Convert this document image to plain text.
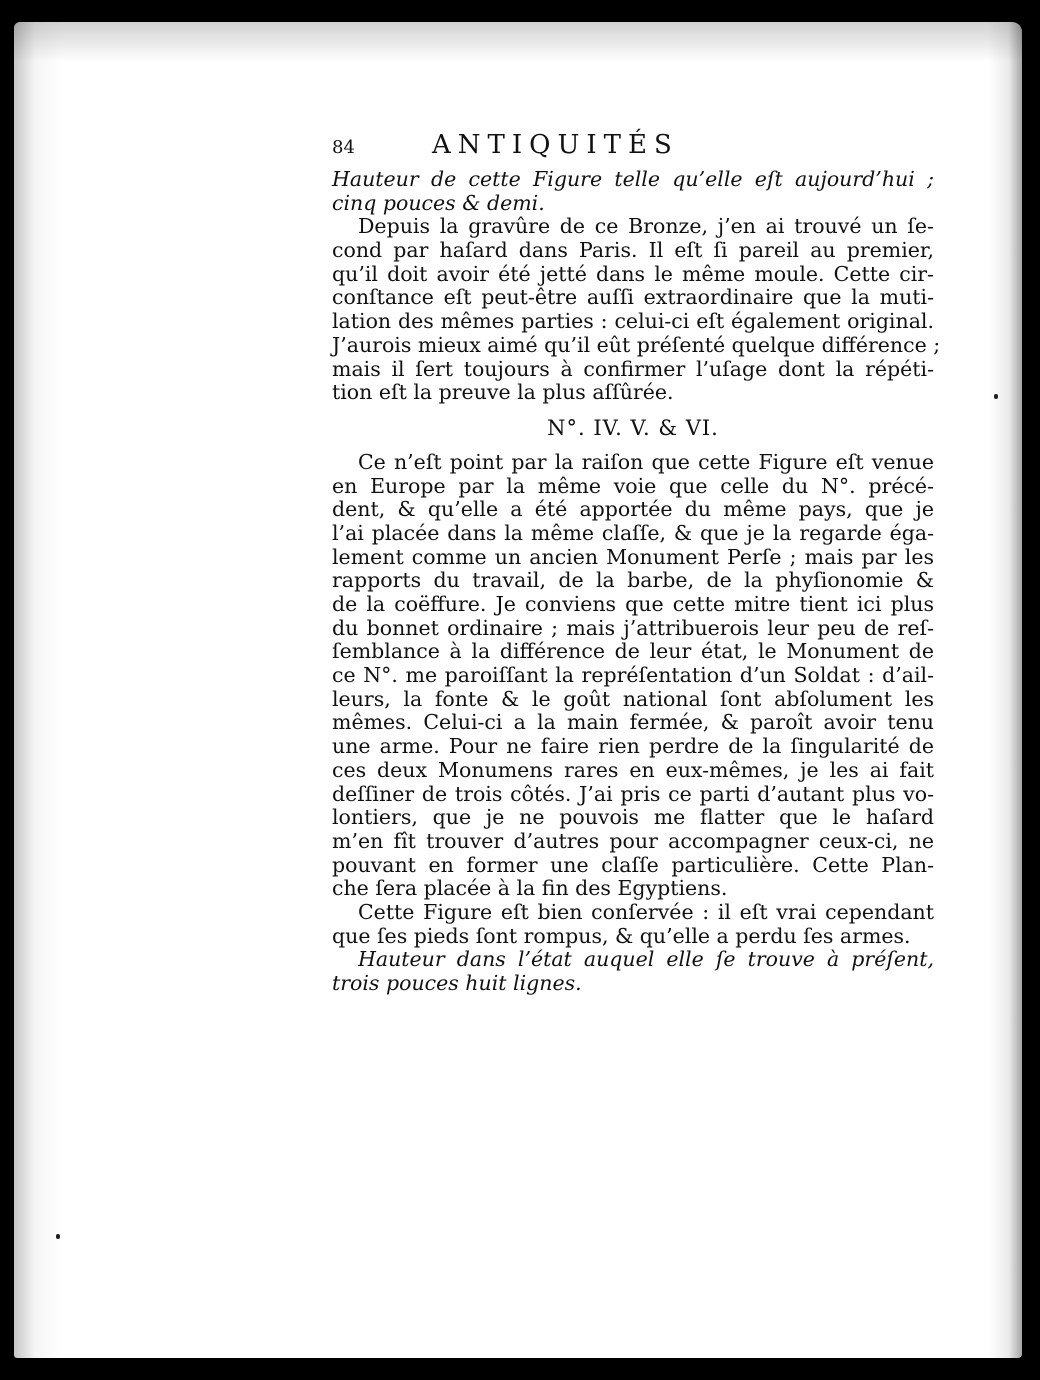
84	ANTIQUITÉS
Hauteur de cette Figure telle qu’elle eſt aujourd’hui ;
cinq pouces & demi.
Depuis la gravûre de ce Bronze, j’en ai trouvé un ſe-
cond par haſard dans Paris. Il eſt ſi pareil au premier,
qu’il doit avoir été jetté dans le même moule. Cette cir-
conſtance eſt peut-être auſſi extraordinaire que la muti-
lation des mêmes parties : celui-ci eſt également original.
J’aurois mieux aimé qu’il eût préſenté quelque différence ;
mais il ſert toujours à confirmer l’uſage dont la répéti-
tion eſt la preuve la plus aſſûrée.
N°. IV. V. & VI.
Ce n’eſt point par la raiſon que cette Figure eſt venue
en Europe par la même voie que celle du N°. précé-
dent, & qu’elle a été apportée du même pays, que je
l’ai placée dans la même claſſe, & que je la regarde éga-
lement comme un ancien Monument Perſe ; mais par les
rapports du travail, de la barbe, de la phyſionomie &
de la coëffure. Je conviens que cette mitre tient ici plus
du bonnet ordinaire ; mais j’attribuerois leur peu de reſ-
ſemblance à la différence de leur état, le Monument de
ce N°. me paroiſſant la repréſentation d’un Soldat : d’ail-
leurs, la fonte & le goût national ſont abſolument les
mêmes. Celui-ci a la main fermée, & paroît avoir tenu
une arme. Pour ne faire rien perdre de la ſingularité de
ces deux Monumens rares en eux-mêmes, je les ai fait
deſſiner de trois côtés. J’ai pris ce parti d’autant plus vo-
lontiers, que je ne pouvois me flatter que le haſard
m’en fît trouver d’autres pour accompagner ceux-ci, ne
pouvant en former une claſſe particulière. Cette Plan-
che ſera placée à la fin des Egyptiens.
Cette Figure eſt bien conſervée : il eſt vrai cependant
que ſes pieds ſont rompus, & qu’elle a perdu ſes armes.
Hauteur dans l’état auquel elle ſe trouve à préſent,
trois pouces huit lignes.
